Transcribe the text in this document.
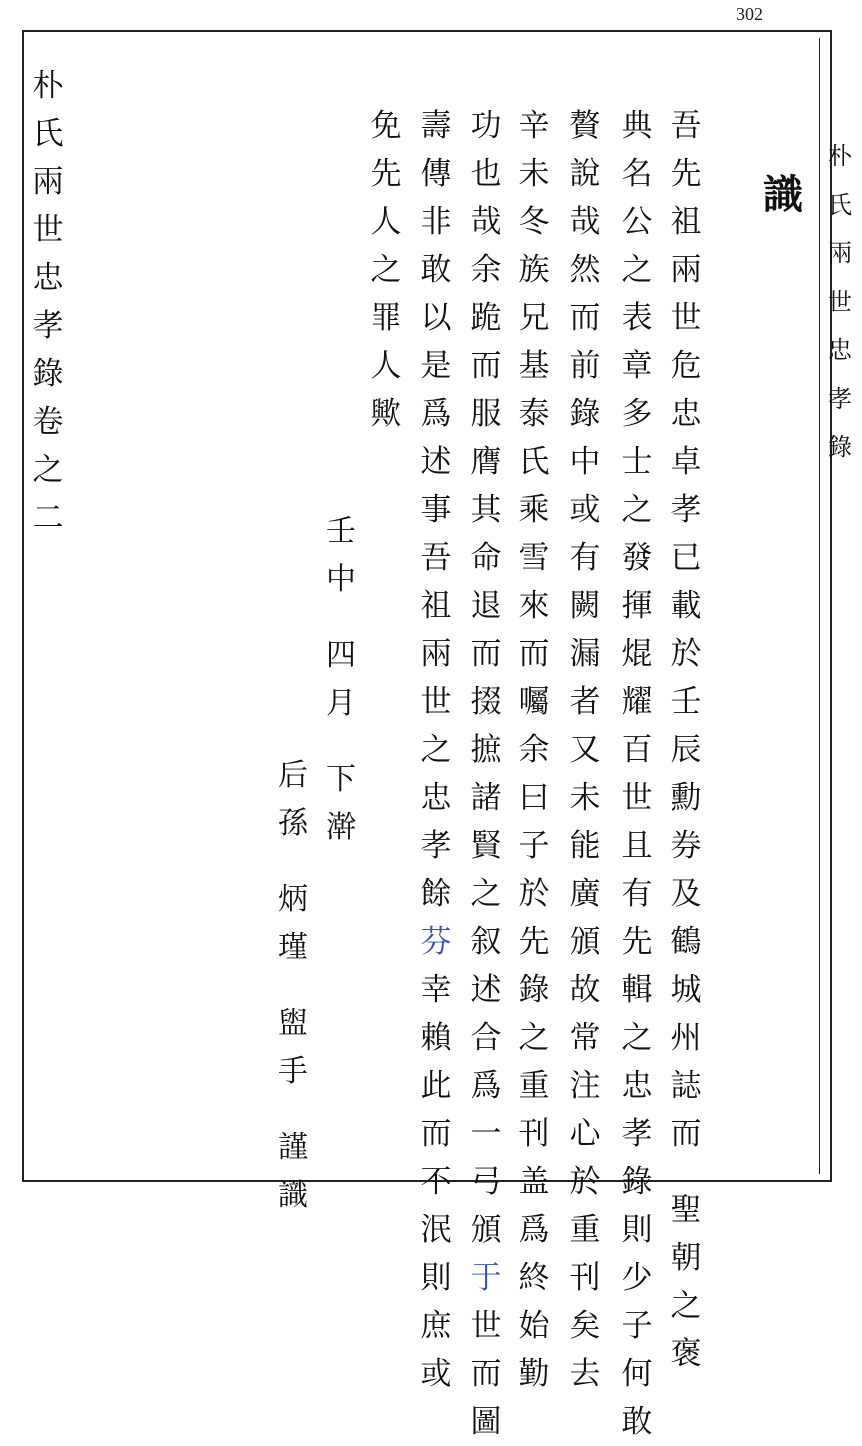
302
朴
氏
兩
世
忠
孝
錄
識
吾
先
祖
兩
世
危
忠
卓
孝
已
載
於
壬
辰
勳
券
及
鶴
城
州
誌
而
聖
朝
之
褒
典
名
公
之
表
章
多
士
之
發
揮
焜
耀
百
世
且
有
先
輯
之
忠
孝
錄
則
少
子
何
敢
贅
說
哉
然
而
前
錄
中
或
有
闕
漏
者
又
未
能
廣
頒
故
常
注
心
於
重
刊
矣
去
辛
未
冬
族
兄
基
泰
氏
乘
雪
來
而
囑
余
曰
子
於
先
錄
之
重
刊
盖
爲
終
始
勤
功
也
哉
余
跪
而
服
膺
其
命
退
而
掇
摭
諸
賢
之
叙
述
合
爲
一
弓
頒
于
世
而
圖
壽
傳
非
敢
以
是
爲
述
事
吾
祖
兩
世
之
忠
孝
餘
芬
幸
賴
此
而
不
泯
則
庶
或
免
先
人
之
罪
人
歟
壬
中
四
月
下
澣
后
孫
炳
瑾
盥
手
謹
識
朴
氏
兩
世
忠
孝
錄
卷
之
二
